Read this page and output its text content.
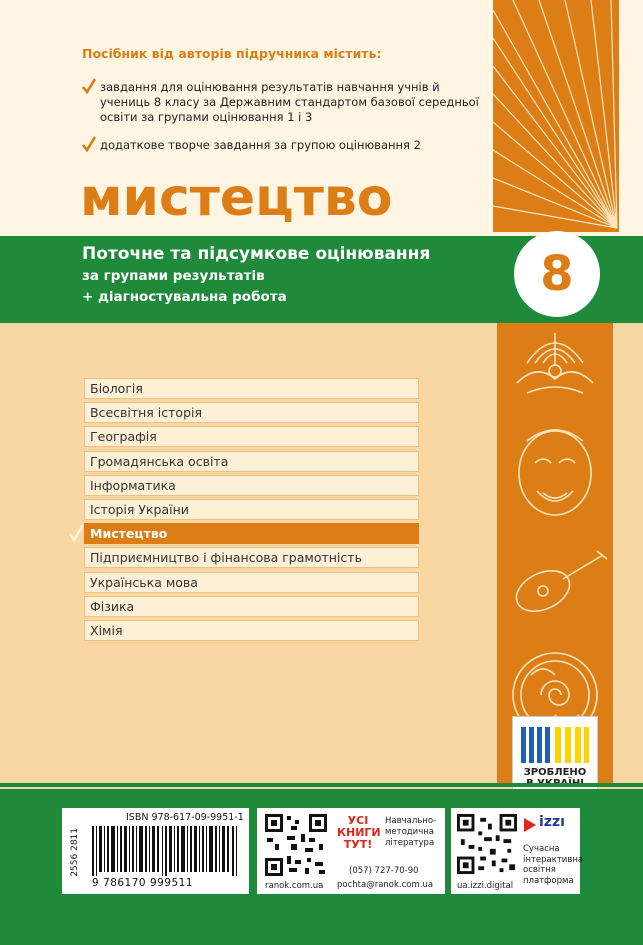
Посібник від авторів підручника містить:
завдання для оцінювання результатів навчання учнів й учениць 8 класу за Державним стандартом базової середньої освіти за групами оцінювання 1 і 3
додаткове творче завдання за групою оцінювання 2
мистецтво
Поточне та підсумкове оцінювання
за групами результатів
+ діагностувальна робота	8
Біологія
Всесвітня історія
Географія
Громадянська освіта
Інформатика
Історія України
Мистецтво
Підприємництво і фінансова грамотність
Українська мова
Фізика
Хімія
ЗРОБЛЕНО
ISBN 978-617-09-9951-1
2556 2811
9 786170 999511	ranok.com.ua
УСІ
КНИГИ
ТУТ!
Навчально-методична література
(057) 727-70-90
pochta@ranok.com.ua	ua.izzi.digital
izzı
Сучасна інтерактивна освітня платформа
